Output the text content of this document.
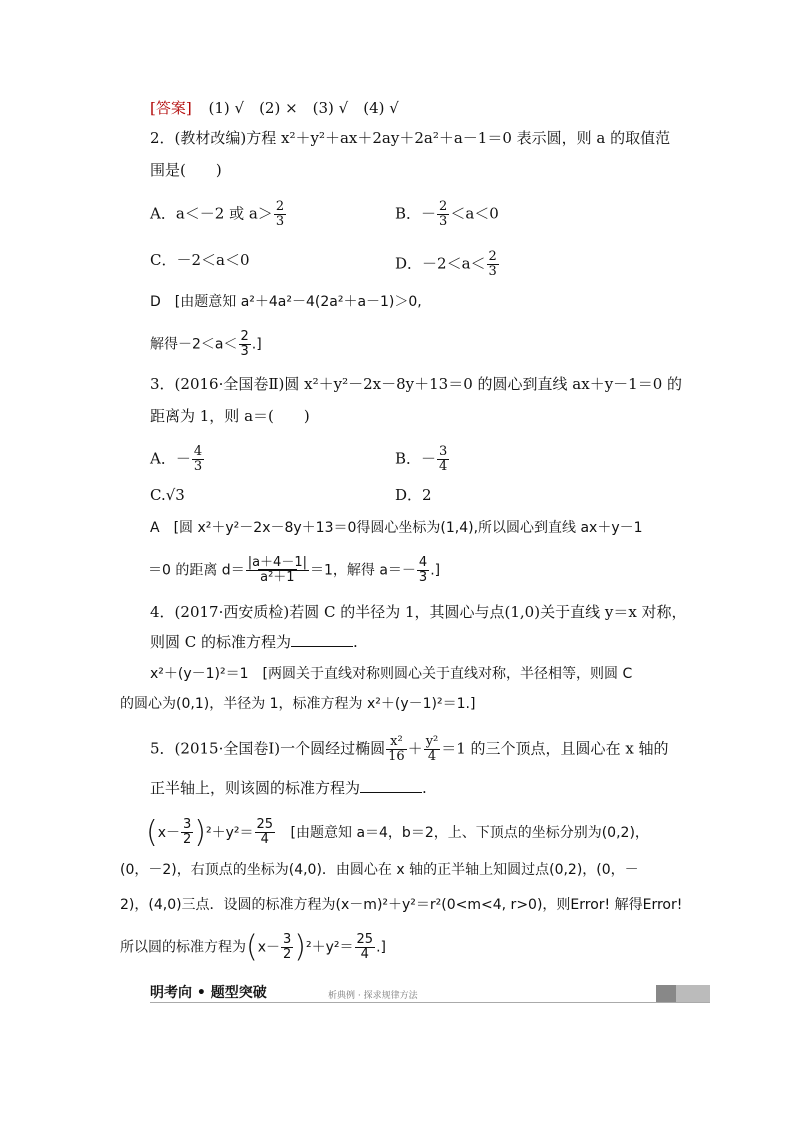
[答案] (1) √　(2) ×　(3) √　(4) √
2．(教材改编)方程 x²＋y²＋ax＋2ay＋2a²＋a－1＝0 表示圆，则 a 的取值范
围是(　　)
A．a＜－2 或 $a> \frac{2}{3}$	B．－ $\frac{2}{3} <a<0$
C．－2＜a＜0	D．$-2<a< \frac{2}{3}$
D　[由题意知 a²＋4a²－4(2a²＋a－1)＞0,
解得$-2<a< \frac{2}{3}$ .]
3．(2016·全国卷Ⅱ)圆 x²＋y²－2x－8y＋13＝0 的圆心到直线 ax＋y－1＝0 的
距离为 1，则 a＝(　　)
A．－ $\frac{4}{3}$	B．－ $\frac{3}{4}$
C.√3	D．2
A　[圆 x²＋y²－2x－8y＋13＝0得圆心坐标为(1,4),所以圆心到直线 ax＋y－1
＝0 的距离 $d= \frac{|a+4-1|}{\text{a²＋1}} =1$，解得 $a=- \frac{4}{3}$ .]
4．(2017·西安质检)若圆 C 的半径为 1，其圆心与点(1,0)关于直线 y＝x 对称，
则圆 C 的标准方程为	.
x²＋(y－1)²＝1　[两圆关于直线对称则圆心关于直线对称，半径相等，则圆 C
的圆心为(0,1)，半径为 1，标准方程为 x²＋(y－1)²＝1.]
5．(2015·全国卷Ⅰ)一个圆经过椭圆 $\frac{\text{x²}}{16} + \frac{\text{y²}}{4} =1$ 的三个顶点，且圆心在 x 轴的
正半轴上，则该圆的标准方程为	.
$(x- \frac{3}{2} )^2+y^2= \frac{25}{4}$ [由题意知 a＝4，b＝2，上、下顶点的坐标分别为(0,2)，
(0，－2)，右顶点的坐标为(4,0)．由圆心在 x 轴的正半轴上知圆过点(0,2)，(0，－
2)，(4,0)三点．设圆的标准方程为(x－m)²＋y²＝r²(0<m<4, r>0)，则Error! 解得Error!
所以圆的标准方程为$(x- \frac{3}{2} )^2+y^2= \frac{25}{4}$ .]
明考向 • 题型突破	析典例 · 探求规律方法
